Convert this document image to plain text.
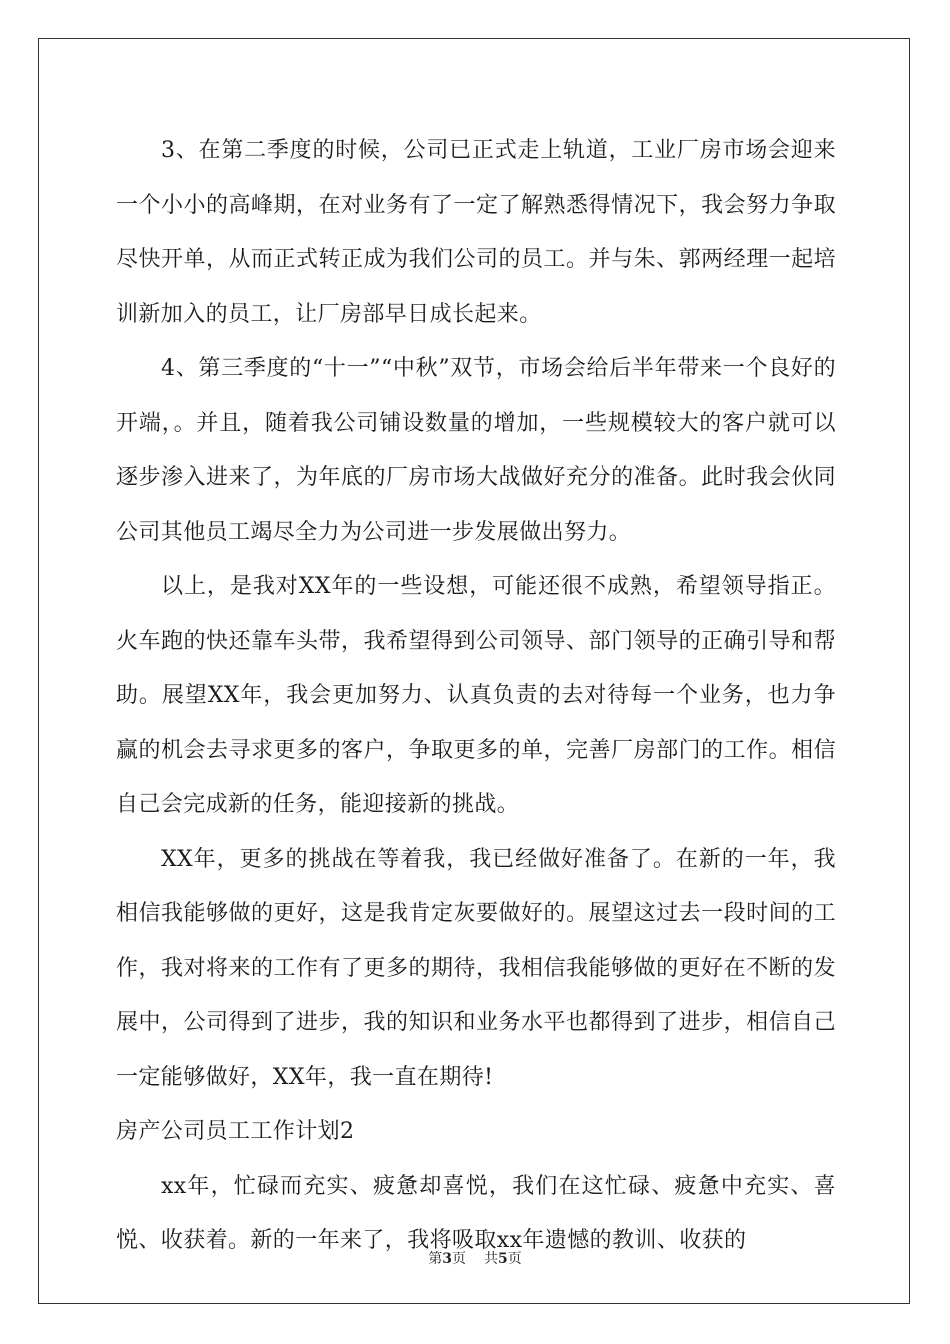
3、在第二季度的时候，公司已正式走上轨道，工业厂房市场会迎来一个小小的高峰期，在对业务有了一定了解熟悉得情况下，我会努力争取尽快开单，从而正式转正成为我们公司的员工。并与朱、郭两经理一起培训新加入的员工，让厂房部早日成长起来。

4、第三季度的“十一”“中秋”双节，市场会给后半年带来一个良好的开端，。并且，随着我公司铺设数量的增加，一些规模较大的客户就可以逐步渗入进来了，为年底的厂房市场大战做好充分的准备。此时我会伙同公司其他员工竭尽全力为公司进一步发展做出努力。

以上，是我对XX年的一些设想，可能还很不成熟，希望领导指正。火车跑的快还靠车头带，我希望得到公司领导、部门领导的正确引导和帮助。展望XX年，我会更加努力、认真负责的去对待每一个业务，也力争赢的机会去寻求更多的客户，争取更多的单，完善厂房部门的工作。相信自己会完成新的任务，能迎接新的挑战。

XX年，更多的挑战在等着我，我已经做好准备了。在新的一年，我相信我能够做的更好，这是我肯定灰要做好的。展望这过去一段时间的工作，我对将来的工作有了更多的期待，我相信我能够做的更好在不断的发展中，公司得到了进步，我的知识和业务水平也都得到了进步，相信自己一定能够做好，XX年，我一直在期待!

房产公司员工工作计划2

xx年，忙碌而充实、疲惫却喜悦，我们在这忙碌、疲惫中充实、喜悦、收获着。新的一年来了，我将吸取xx年遗憾的教训、收获的

第3页 共5页
